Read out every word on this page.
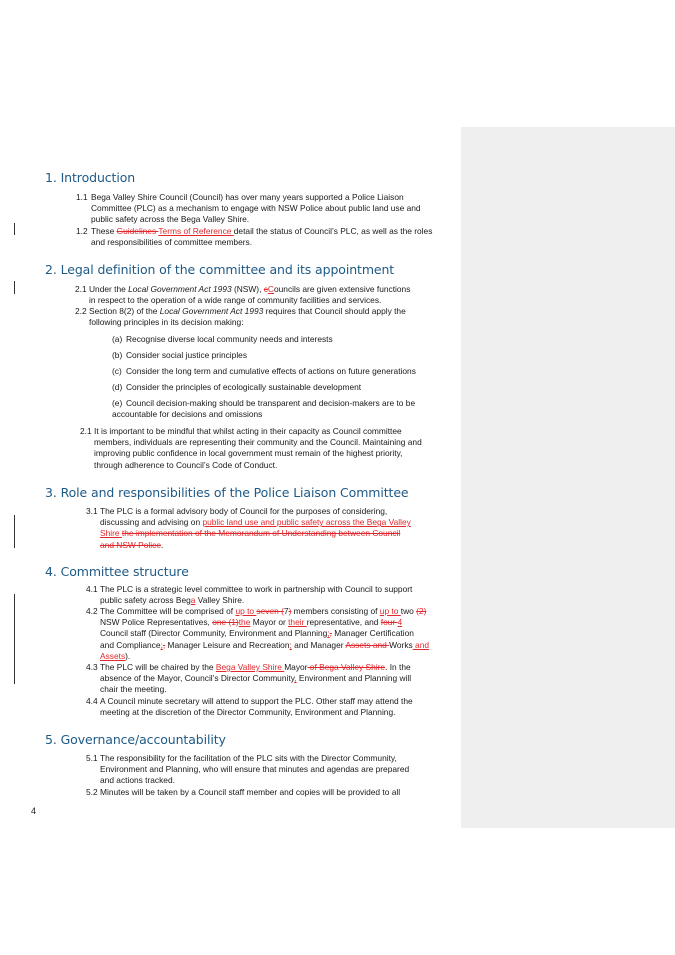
1. Introduction
1.1 Bega Valley Shire Council (Council) has over many years supported a Police Liaison
Committee (PLC) as a mechanism to engage with NSW Police about public land use and
public safety across the Bega Valley Shire.
1.2 These Guidelines Terms of Reference detail the status of Council’s PLC, as well as the roles
and responsibilities of committee members.
2. Legal definition of the committee and its appointment
2.1 Under the Local Government Act 1993 (NSW), cCouncils are given extensive functions
in respect to the operation of a wide range of community facilities and services.
2.2 Section 8(2) of the Local Government Act 1993 requires that Council should apply the
following principles in its decision making:
(a) Recognise diverse local community needs and interests
(b) Consider social justice principles
(c) Consider the long term and cumulative effects of actions on future generations
(d) Consider the principles of ecologically sustainable development
(e) Council decision-making should be transparent and decision-makers are to be
accountable for decisions and omissions
2.1 It is important to be mindful that whilst acting in their capacity as Council committee
members, individuals are representing their community and the Council. Maintaining and
improving public confidence in local government must remain of the highest priority,
through adherence to Council’s Code of Conduct.
3. Role and responsibilities of the Police Liaison Committee
3.1 The PLC is a formal advisory body of Council for the purposes of considering,
discussing and advising on public land use and public safety across the Bega Valley
Shire the implementation of the Memorandum of Understanding between Council
and NSW Police.
4. Committee structure
4.1 The PLC is a strategic level committee to work in partnership with Council to support
public safety across Bega Valley Shire.
4.2 The Committee will be comprised of up to seven (7) members consisting of up to two (2)
NSW Police Representatives, one (1)the Mayor or their representative, and four 4
Council staff (Director Community, Environment and Planning;, Manager Certification
and Compliance;, Manager Leisure and Recreation; and Manager Assets and Works and
Assets).
4.3 The PLC will be chaired by the Bega Valley Shire Mayor of Bega Valley Shire. In the
absence of the Mayor, Council’s Director Community, Environment and Planning will
chair the meeting.
4.4 A Council minute secretary will attend to support the PLC. Other staff may attend the
meeting at the discretion of the Director Community, Environment and Planning.
5. Governance/accountability
5.1 The responsibility for the facilitation of the PLC sits with the Director Community,
Environment and Planning, who will ensure that minutes and agendas are prepared
and actions tracked.
5.2 Minutes will be taken by a Council staff member and copies will be provided to all
4
